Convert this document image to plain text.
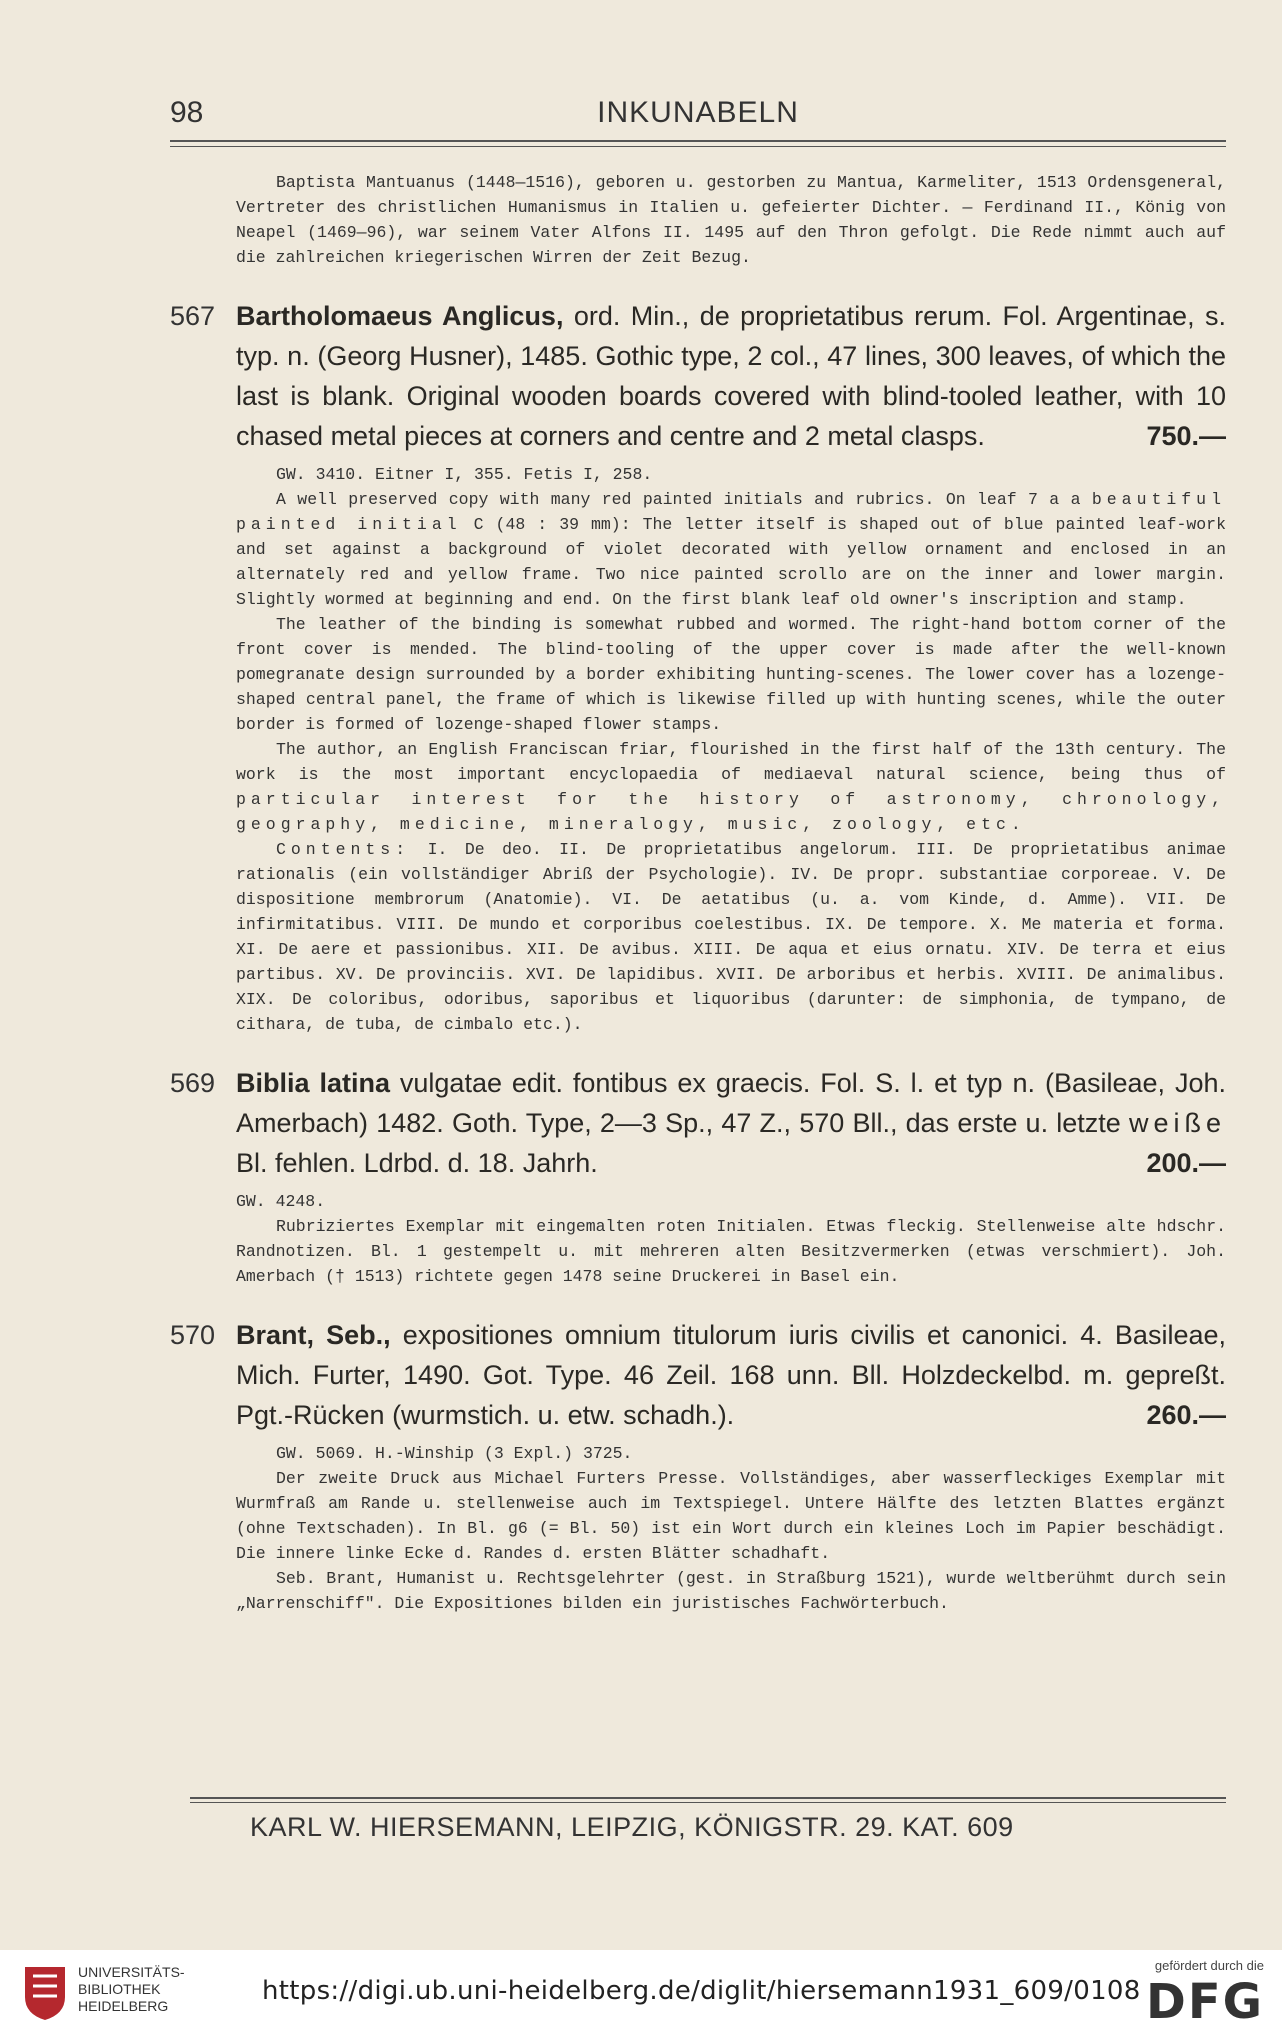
98	INKUNABELN

Baptista Mantuanus (1448—1516), geboren u. gestorben zu Mantua, Karmeliter, 1513 Ordensgeneral, Vertreter des christlichen Humanismus in Italien u. gefeierter Dichter. — Ferdinand II., König von Neapel (1469—96), war seinem Vater Alfons II. 1495 auf den Thron gefolgt. Die Rede nimmt auch auf die zahlreichen kriegerischen Wirren der Zeit Bezug.

567 Bartholomaeus Anglicus, ord. Min., de proprietatibus rerum. Fol. Argentinae, s. typ. n. (Georg Husner), 1485. Gothic type, 2 col., 47 lines, 300 leaves, of which the last is blank. Original wooden boards covered with blind-tooled leather, with 10 chased metal pieces at corners and centre and 2 metal clasps.	750.—

GW. 3410. Eitner I, 355. Fetis I, 258.

A well preserved copy with many red painted initials and rubrics. On leaf 7 a a beautiful painted initial C (48 : 39 mm): The letter itself is shaped out of blue painted leaf-work and set against a background of violet decorated with yellow ornament and enclosed in an alternately red and yellow frame. Two nice painted scrollo are on the inner and lower margin. Slightly wormed at beginning and end. On the first blank leaf old owner's inscription and stamp.

The leather of the binding is somewhat rubbed and wormed. The right-hand bottom corner of the front cover is mended. The blind-tooling of the upper cover is made after the well-known pomegranate design surrounded by a border exhibiting hunting-scenes. The lower cover has a lozenge-shaped central panel, the frame of which is likewise filled up with hunting scenes, while the outer border is formed of lozenge-shaped flower stamps.

The author, an English Franciscan friar, flourished in the first half of the 13th century. The work is the most important encyclopaedia of mediaeval natural science, being thus of particular interest for the history of astronomy, chronology, geography, medicine, mineralogy, music, zoology, etc.

Contents: I. De deo. II. De proprietatibus angelorum. III. De proprietatibus animae rationalis (ein vollständiger Abriß der Psychologie). IV. De propr. substantiae corporeae. V. De dispositione membrorum (Anatomie). VI. De aetatibus (u. a. vom Kinde, d. Amme). VII. De infirmitatibus. VIII. De mundo et corporibus coelestibus. IX. De tempore. X. Me materia et forma. XI. De aere et passionibus. XII. De avibus. XIII. De aqua et eius ornatu. XIV. De terra et eius partibus. XV. De provinciis. XVI. De lapidibus. XVII. De arboribus et herbis. XVIII. De animalibus. XIX. De coloribus, odoribus, saporibus et liquoribus (darunter: de simphonia, de tympano, de cithara, de tuba, de cimbalo etc.).

569 Biblia latina vulgatae edit. fontibus ex graecis. Fol. S. l. et typ n. (Basileae, Joh. Amerbach) 1482. Goth. Type, 2—3 Sp., 47 Z., 570 Bll., das erste u. letzte weiße Bl. fehlen. Ldrbd. d. 18. Jahrh.	200.—

GW. 4248.

Rubriziertes Exemplar mit eingemalten roten Initialen. Etwas fleckig. Stellenweise alte hdschr. Randnotizen. Bl. 1 gestempelt u. mit mehreren alten Besitzvermerken (etwas verschmiert). Joh. Amerbach († 1513) richtete gegen 1478 seine Druckerei in Basel ein.

570 Brant, Seb., expositiones omnium titulorum iuris civilis et canonici. 4. Basileae, Mich. Furter, 1490. Got. Type. 46 Zeil. 168 unn. Bll. Holzdeckelbd. m. gepreßt. Pgt.-Rücken (wurmstich. u. etw. schadh.).	260.—

GW. 5069. H.-Winship (3 Expl.) 3725.

Der zweite Druck aus Michael Furters Presse. Vollständiges, aber wasserfleckiges Exemplar mit Wurmfraß am Rande u. stellenweise auch im Textspiegel. Untere Hälfte des letzten Blattes ergänzt (ohne Textschaden). In Bl. g6 (= Bl. 50) ist ein Wort durch ein kleines Loch im Papier beschädigt. Die innere linke Ecke d. Randes d. ersten Blätter schadhaft.

Seb. Brant, Humanist u. Rechtsgelehrter (gest. in Straßburg 1521), wurde weltberühmt durch sein „Narrenschiff". Die Expositiones bilden ein juristisches Fachwörterbuch.

KARL W. HIERSEMANN, LEIPZIG, KÖNIGSTR. 29. KAT. 609
UNIVERSITÄTS-
BIBLIOTHEK
HEIDELBERG	https://digi.ub.uni-heidelberg.de/diglit/hiersemann1931_609/0108
gefördert durch die
DFG
